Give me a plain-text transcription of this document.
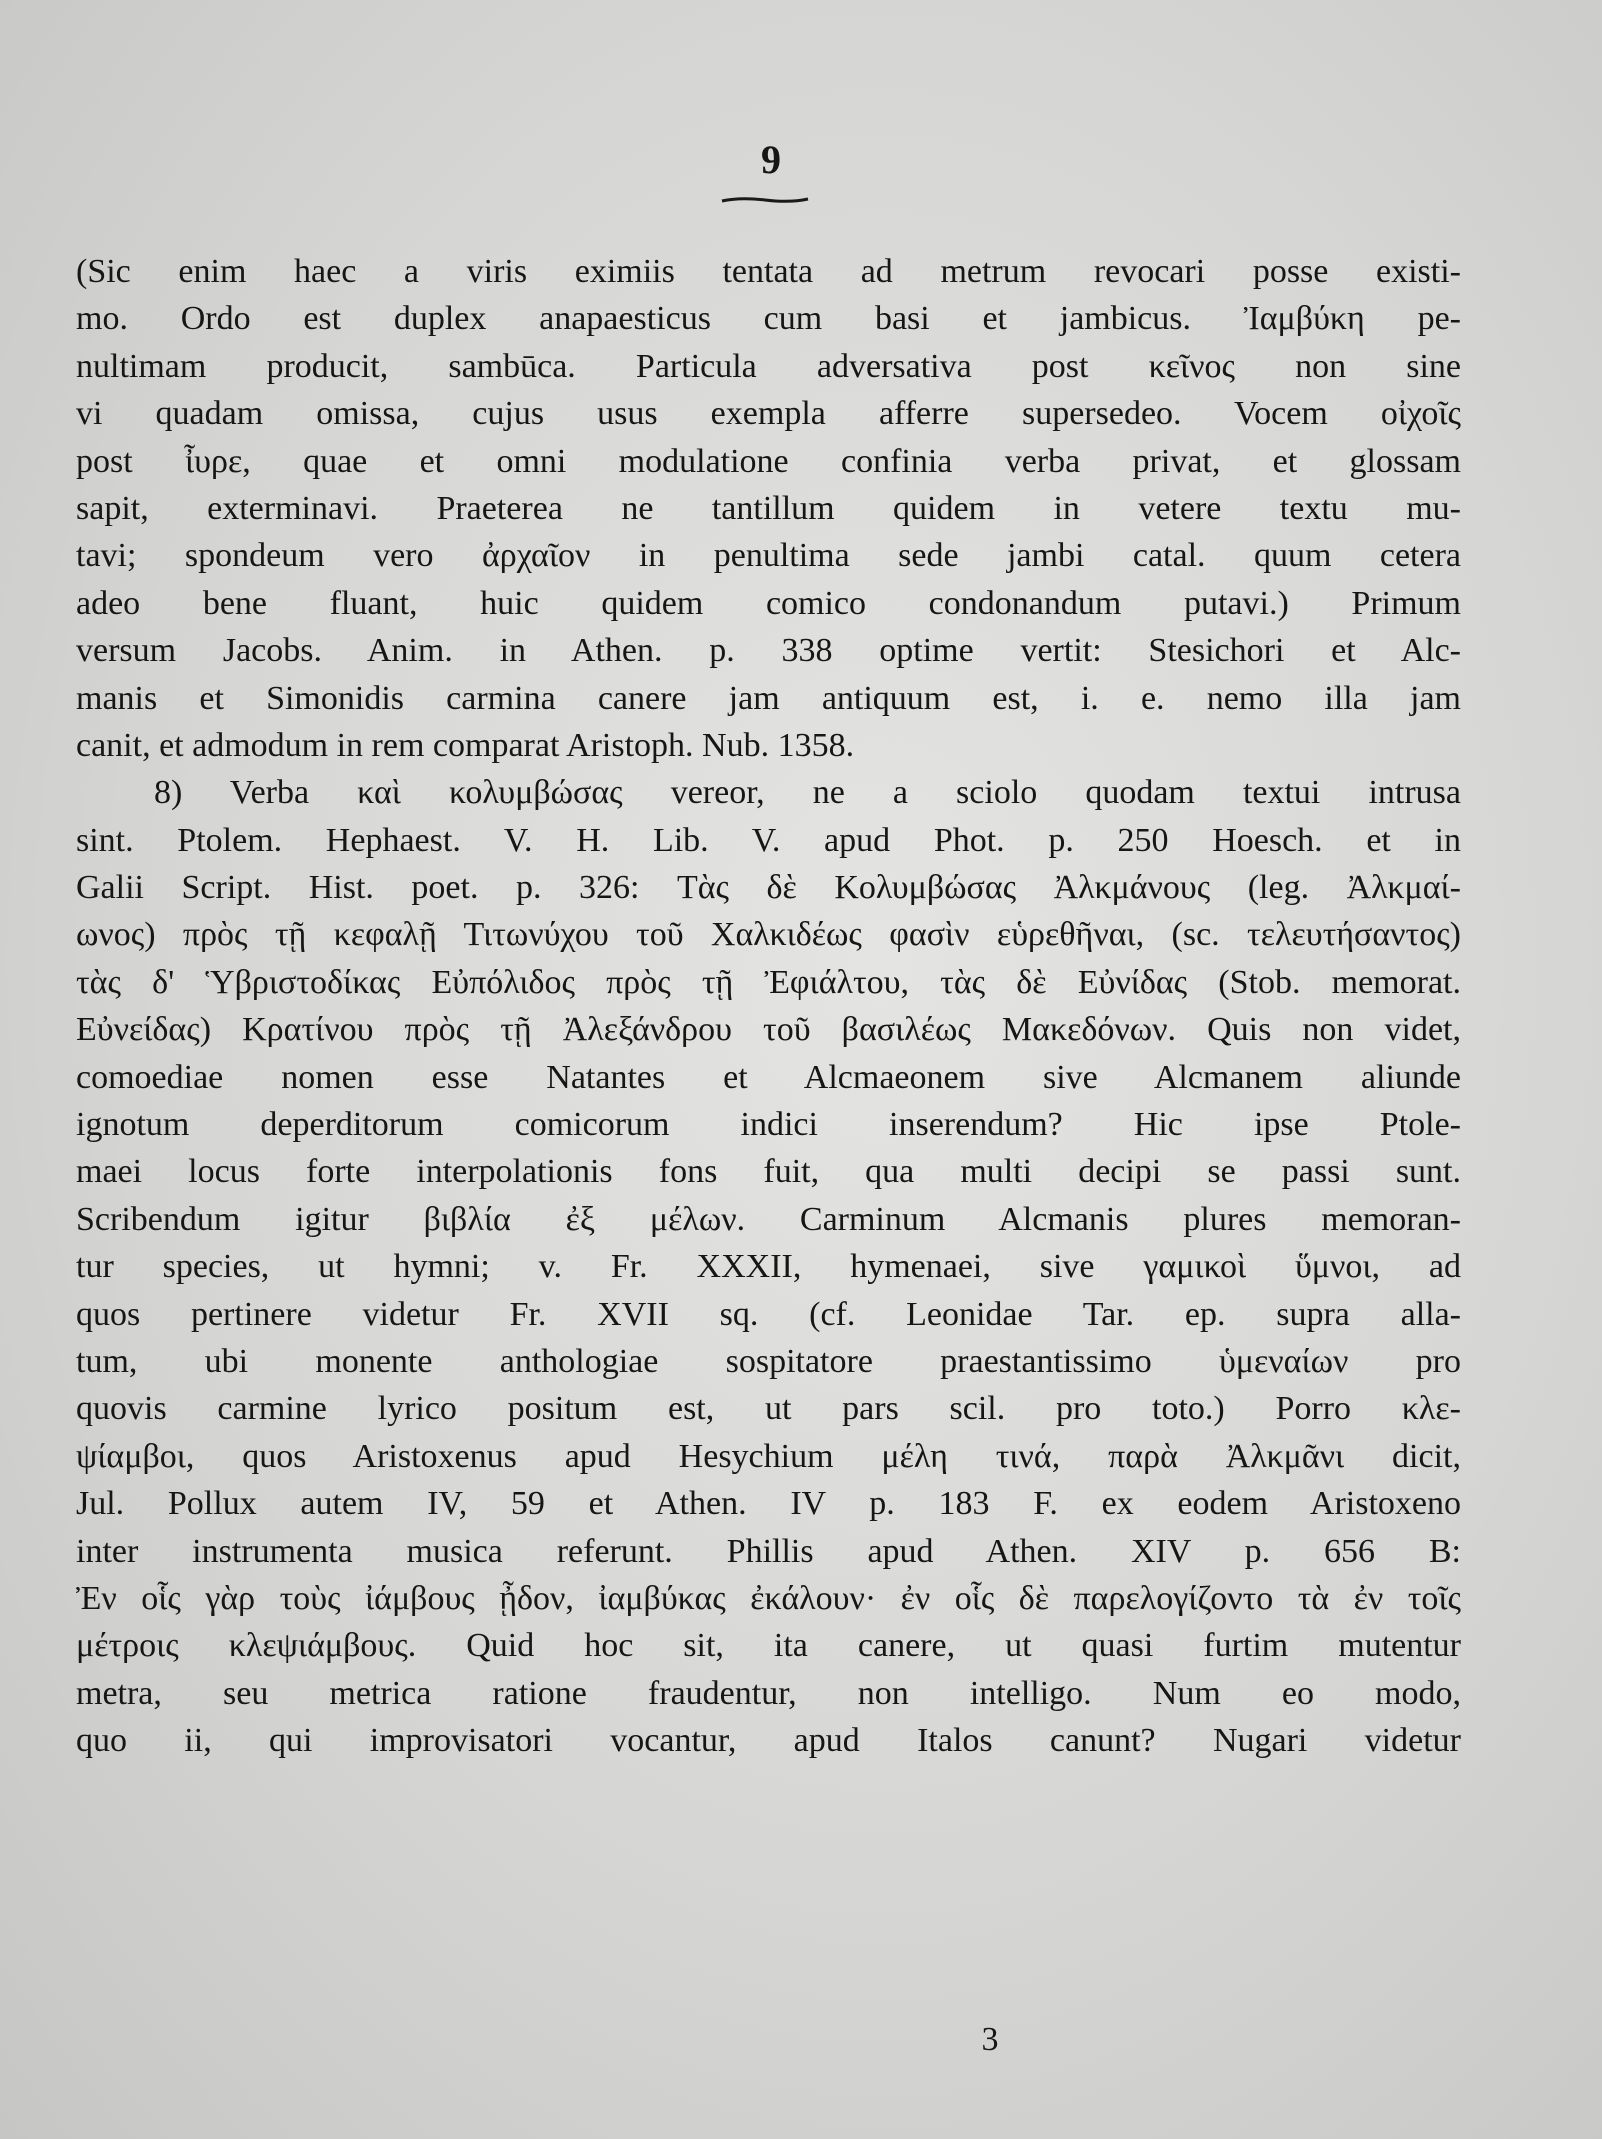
9
(Sic enim haec a viris eximiis tentata ad metrum revocari posse existi-
mo. Ordo est duplex anapaesticus cum basi et jambicus. Ἰαμβύκη pe-
nultimam producit, sambūca. Particula adversativa post κεῖνος non sine
vi quadam omissa, cujus usus exempla afferre supersedeo. Vocem οἰχοῖς
post ἶυρε, quae et omni modulatione confinia verba privat, et glossam
sapit, exterminavi. Praeterea ne tantillum quidem in vetere textu mu-
tavi; spondeum vero ἀρχαῖον in penultima sede jambi catal. quum cetera
adeo bene fluant, huic quidem comico condonandum putavi.) Primum
versum Jacobs. Anim. in Athen. p. 338 optime vertit: Stesichori et Alc-
manis et Simonidis carmina canere jam antiquum est, i. e. nemo illa jam
canit, et admodum in rem comparat Aristoph. Nub. 1358.
8) Verba καὶ κολυμβώσας vereor, ne a sciolo quodam textui intrusa
sint. Ptolem. Hephaest. V. H. Lib. V. apud Phot. p. 250 Hoesch. et in
Galii Script. Hist. poet. p. 326: Τὰς δὲ Κολυμβώσας Ἀλκμάνους (leg. Ἀλκμαί-
ωνος) πρὸς τῇ κεφαλῇ Τιτωνύχου τοῦ Χαλκιδέως φασὶν εὑρεθῆναι, (sc. τελευτήσαντος)
τὰς δ' Ὑβριστοδίκας Εὐπόλιδος πρὸς τῇ Ἐφιάλτου, τὰς δὲ Εὐνίδας (Stob. memorat.
Εὐνείδας) Κρατίνου πρὸς τῇ Ἀλεξάνδρου τοῦ βασιλέως Μακεδόνων. Quis non videt,
comoediae nomen esse Natantes et Alcmaeonem sive Alcmanem aliunde
ignotum deperditorum comicorum indici inserendum? Hic ipse Ptole-
maei locus forte interpolationis fons fuit, qua multi decipi se passi sunt.
Scribendum igitur βιβλία ἐξ μέλων. Carminum Alcmanis plures memoran-
tur species, ut hymni; v. Fr. XXXII, hymenaei, sive γαμικοὶ ὕμνοι, ad
quos pertinere videtur Fr. XVII sq. (cf. Leonidae Tar. ep. supra alla-
tum, ubi monente anthologiae sospitatore praestantissimo ὑμεναίων pro
quovis carmine lyrico positum est, ut pars scil. pro toto.) Porro κλε-
ψίαμβοι, quos Aristoxenus apud Hesychium μέλη τινά, παρὰ Ἀλκμᾶνι dicit,
Jul. Pollux autem IV, 59 et Athen. IV p. 183 F. ex eodem Aristoxeno
inter instrumenta musica referunt. Phillis apud Athen. XIV p. 656 B:
Ἐν οἷς γὰρ τοὺς ἰάμβους ᾖδον, ἰαμβύκας ἐκάλουν· ἐν οἷς δὲ παρελογίζοντο τὰ ἐν τοῖς
μέτροις κλεψιάμβους. Quid hoc sit, ita canere, ut quasi furtim mutentur
metra, seu metrica ratione fraudentur, non intelligo. Num eo modo,
quo ii, qui improvisatori vocantur, apud Italos canunt? Nugari videtur
3
